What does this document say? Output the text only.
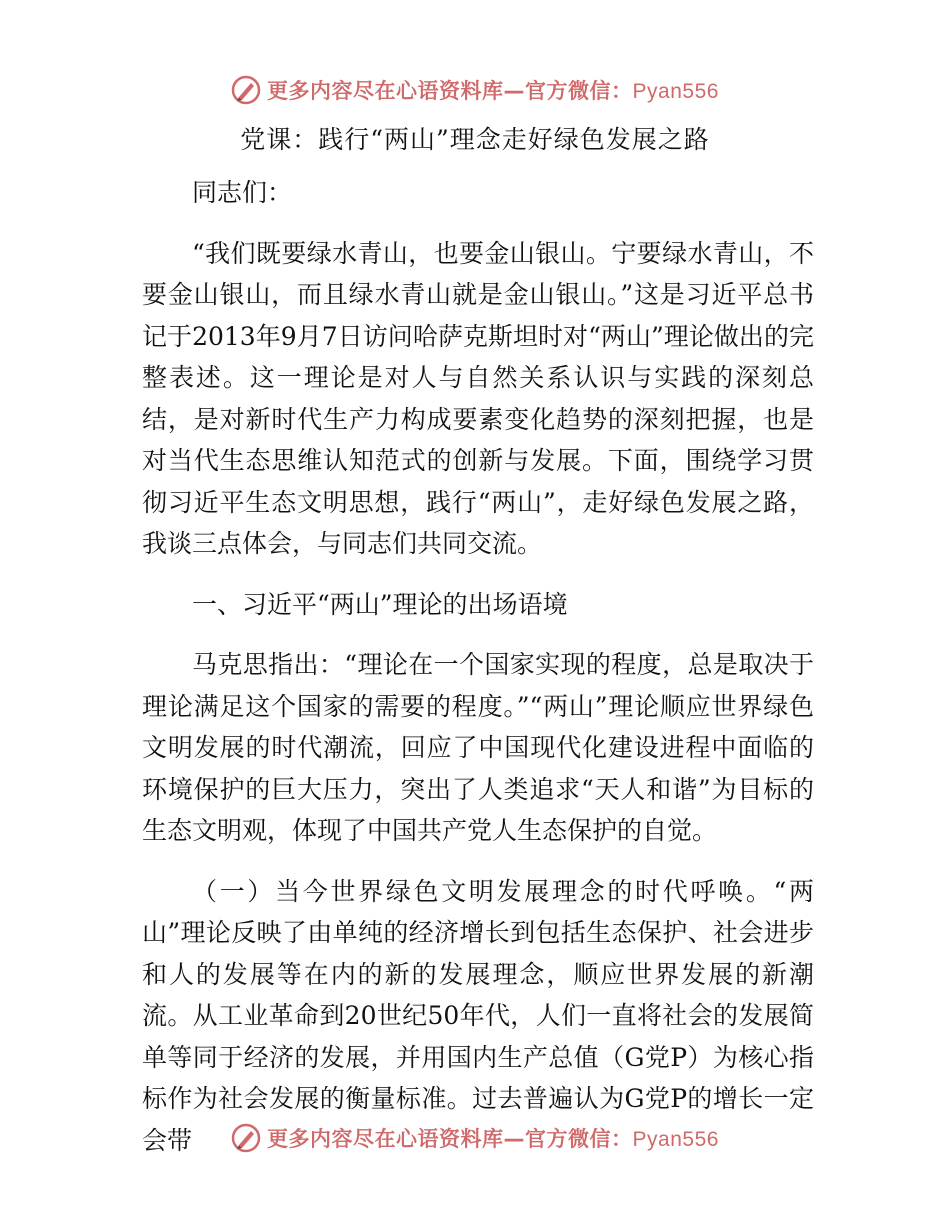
更多内容尽在心语资料库—官方微信：Pyan556
党课：践行“两山”理念走好绿色发展之路

同志们：

“我们既要绿水青山，也要金山银山。宁要绿水青山，不要金山银山，而且绿水青山就是金山银山。”这是习近平总书记于2013年9月7日访问哈萨克斯坦时对“两山”理论做出的完整表述。这一理论是对人与自然关系认识与实践的深刻总结，是对新时代生产力构成要素变化趋势的深刻把握，也是对当代生态思维认知范式的创新与发展。下面，围绕学习贯彻习近平生态文明思想，践行“两山”，走好绿色发展之路，我谈三点体会，与同志们共同交流。

一、习近平“两山”理论的出场语境

马克思指出：“理论在一个国家实现的程度，总是取决于理论满足这个国家的需要的程度。”“两山”理论顺应世界绿色文明发展的时代潮流，回应了中国现代化建设进程中面临的环境保护的巨大压力，突出了人类追求“天人和谐”为目标的生态文明观，体现了中国共产党人生态保护的自觉。

（一）当今世界绿色文明发展理念的时代呼唤。“两山”理论反映了由单纯的经济增长到包括生态保护、社会进步和人的发展等在内的新的发展理念，顺应世界发展的新潮流。从工业革命到20世纪50年代，人们一直将社会的发展简单等同于经济的发展，并用国内生产总值（G党P）为核心指标作为社会发展的衡量标准。过去普遍认为G党P的增长一定会带	更多内容尽在心语资料库—官方微信：Pyan556
